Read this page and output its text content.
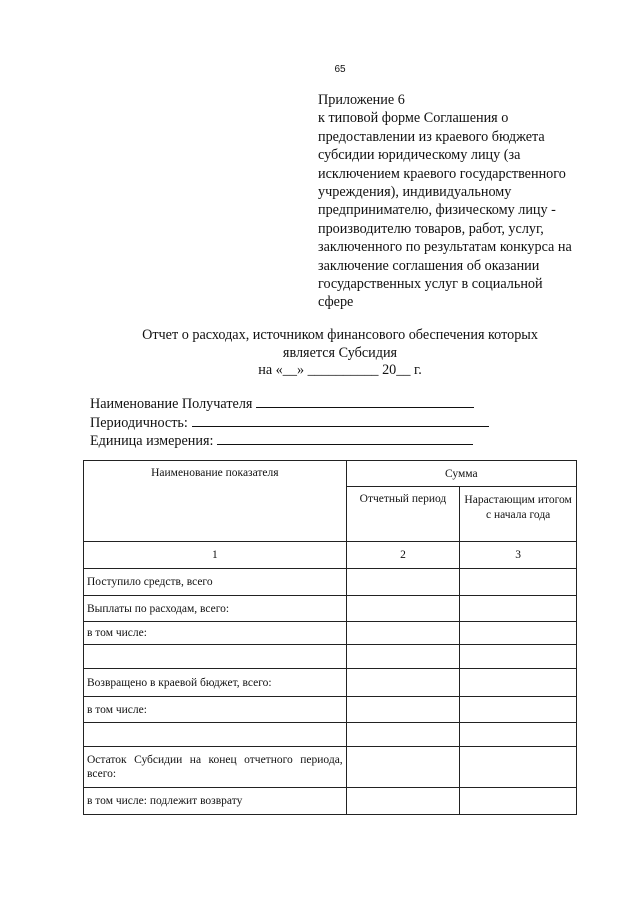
65
Приложение 6
к типовой форме Соглашения о
предоставлении из краевого бюджета
субсидии юридическому лицу (за
исключением краевого государственного
учреждения), индивидуальному
предпринимателю, физическому лицу -
производителю товаров, работ, услуг,
заключенного по результатам конкурса на
заключение соглашения об оказании
государственных услуг в социальной
сфере
Отчет о расходах, источником финансового обеспечения которых
является Субсидия
на «__» __________ 20__ г.
Наименование Получателя
Периодичность:
Единица измерения:
Наименование показателя	Сумма	
	Отчетный период	Нарастающим итогом с начала года
1	2	3
Поступило средств, всего		
Выплаты по расходам, всего:		
в том числе:		

Возвращено в краевой бюджет, всего:		
в том числе:		

Остаток Субсидии на конец отчетного периода, всего:		
в том числе: подлежит возврату		
